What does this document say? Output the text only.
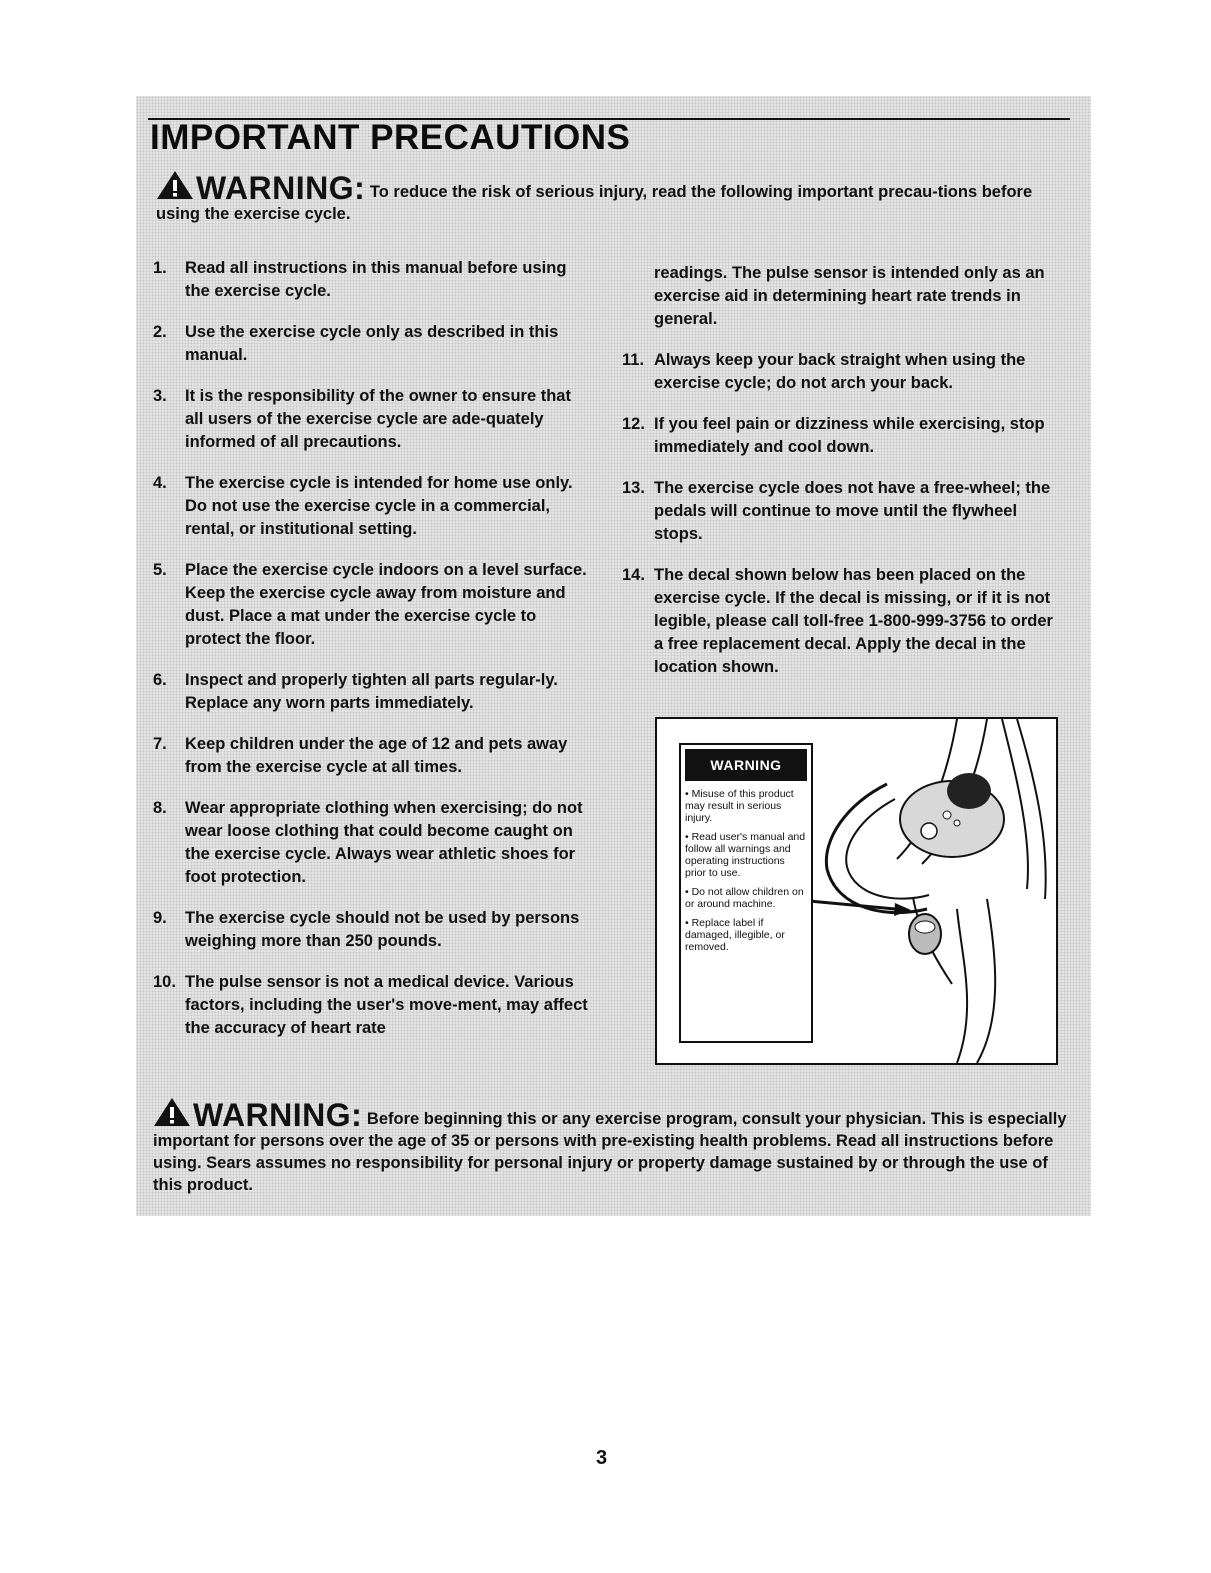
IMPORTANT PRECAUTIONS

WARNING: To reduce the risk of serious injury, read the following important precau-tions before using the exercise cycle.

1. Read all instructions in this manual before using the exercise cycle.
2. Use the exercise cycle only as described in this manual.
3. It is the responsibility of the owner to ensure that all users of the exercise cycle are ade-quately informed of all precautions.
4. The exercise cycle is intended for home use only. Do not use the exercise cycle in a commercial, rental, or institutional setting.
5. Place the exercise cycle indoors on a level surface. Keep the exercise cycle away from moisture and dust. Place a mat under the exercise cycle to protect the floor.
6. Inspect and properly tighten all parts regular-ly. Replace any worn parts immediately.
7. Keep children under the age of 12 and pets away from the exercise cycle at all times.
8. Wear appropriate clothing when exercising; do not wear loose clothing that could become caught on the exercise cycle. Always wear athletic shoes for foot protection.
9. The exercise cycle should not be used by persons weighing more than 250 pounds.
10. The pulse sensor is not a medical device. Various factors, including the user's move-ment, may affect the accuracy of heart rate
readings. The pulse sensor is intended only as an exercise aid in determining heart rate trends in general.
11. Always keep your back straight when using the exercise cycle; do not arch your back.
12. If you feel pain or dizziness while exercising, stop immediately and cool down.
13. The exercise cycle does not have a free-wheel; the pedals will continue to move until the flywheel stops.
14. The decal shown below has been placed on the exercise cycle. If the decal is missing, or if it is not legible, please call toll-free 1-800-999-3756 to order a free replacement decal. Apply the decal in the location shown.
WARNING
• Misuse of this product may result in serious injury.
• Read user's manual and follow all warnings and operating instructions prior to use.
• Do not allow children on or around machine.
• Replace label if damaged, illegible, or removed.

WARNING: Before beginning this or any exercise program, consult your physician. This is especially important for persons over the age of 35 or persons with pre-existing health problems. Read all instructions before using. Sears assumes no responsibility for personal injury or property damage sustained by or through the use of this product.

3
